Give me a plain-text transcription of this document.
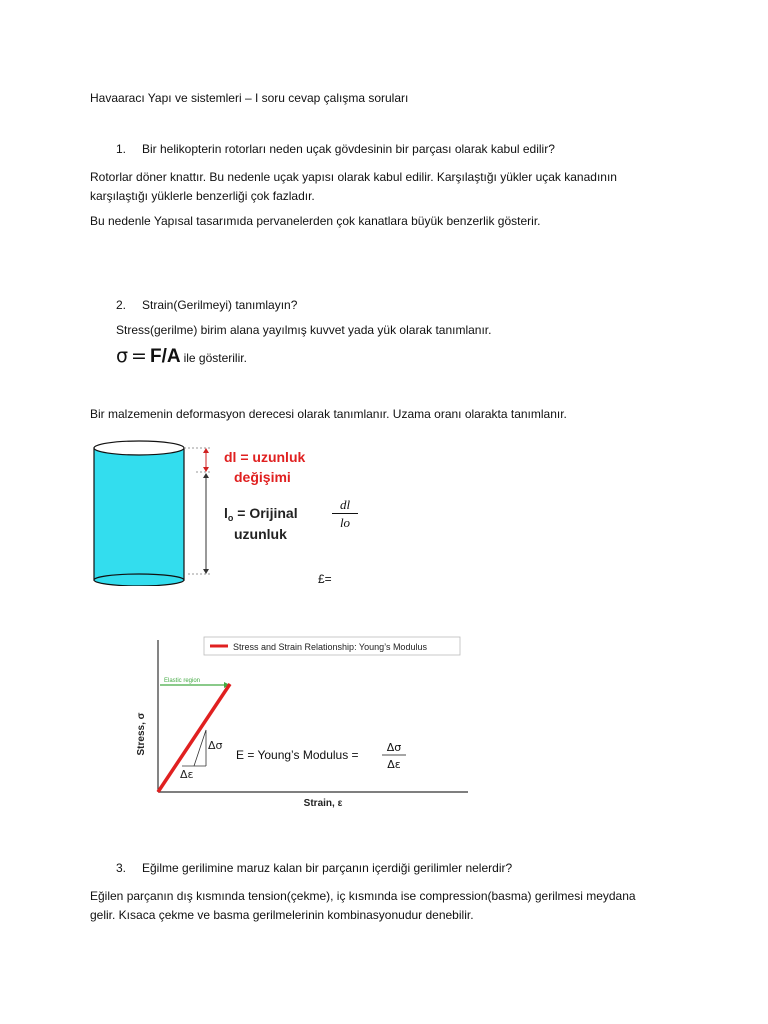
Havaaracı Yapı ve sistemleri – I soru cevap çalışma soruları
1. Bir helikopterin rotorları neden uçak gövdesinin bir parçası olarak kabul edilir?
Rotorlar döner knattır. Bu nedenle uçak yapısı olarak kabul edilir. Karşılaştığı yükler uçak kanadının
karşılaştığı yüklerle benzerliği çok fazladır.
Bu nedenle Yapısal tasarımıda pervanelerden çok kanatlara büyük benzerlik gösterir.
2. Strain(Gerilmeyi) tanımlayın?
Stress(gerilme) birim alana yayılmış kuvvet yada yük olarak tanımlanır.
σ = F/A ile gösterilir.
Bir malzemenin deformasyon derecesi olarak tanımlanır. Uzama oranı olarakta tanımlanır.
dl = uzunluk
değişimi
$l_o$ = Orijinal
uzunluk
dl
lo
£=
Stress and Strain Relationship: Young’s Modulus
Stress, σ
Strain, ε
Elastic region
Δσ
Δε
E = Young’s Modulus =
Δσ
Δε
3. Eğilme gerilimine maruz kalan bir parçanın içerdiği gerilimler nelerdir?
Eğilen parçanın dış kısmında tension(çekme), iç kısmında ise compression(basma) gerilmesi meydana
gelir. Kısaca çekme ve basma gerilmelerinin kombinasyonudur denebilir.
